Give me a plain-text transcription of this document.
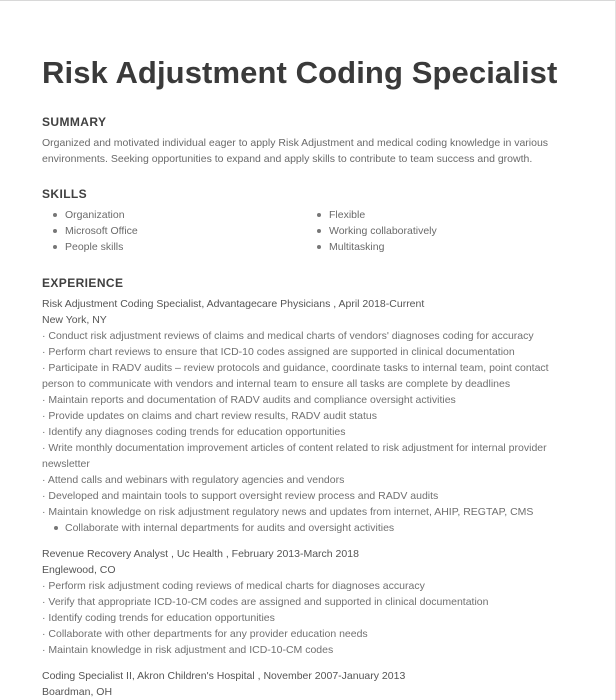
Risk Adjustment Coding Specialist
SUMMARY

Organized and motivated individual eager to apply Risk Adjustment and medical coding knowledge in various environments. Seeking opportunities to expand and apply skills to contribute to team success and growth.

SKILLS
Organization
Microsoft Office
People skills
Flexible
Working collaboratively
Multitasking
EXPERIENCE
Risk Adjustment Coding Specialist, Advantagecare Physicians , April 2018-Current
New York, NY
· Conduct risk adjustment reviews of claims and medical charts of vendors' diagnoses coding for accuracy
· Perform chart reviews to ensure that ICD-10 codes assigned are supported in clinical documentation
· Participate in RADV audits – review protocols and guidance, coordinate tasks to internal team, point contact person to communicate with vendors and internal team to ensure all tasks are complete by deadlines
· Maintain reports and documentation of RADV audits and compliance oversight activities
· Provide updates on claims and chart review results, RADV audit status
· Identify any diagnoses coding trends for education opportunities
· Write monthly documentation improvement articles of content related to risk adjustment for internal provider newsletter
· Attend calls and webinars with regulatory agencies and vendors
· Developed and maintain tools to support oversight review process and RADV audits
· Maintain knowledge on risk adjustment regulatory news and updates from internet, AHIP, REGTAP, CMS
Collaborate with internal departments for audits and oversight activities
Revenue Recovery Analyst , Uc Health , February 2013-March 2018
Englewood, CO
· Perform risk adjustment coding reviews of medical charts for diagnoses accuracy
· Verify that appropriate ICD-10-CM codes are assigned and supported in clinical documentation
· Identify coding trends for education opportunities
· Collaborate with other departments for any provider education needs
· Maintain knowledge in risk adjustment and ICD-10-CM codes
Coding Specialist II, Akron Children's Hospital , November 2007-January 2013
Boardman, OH
